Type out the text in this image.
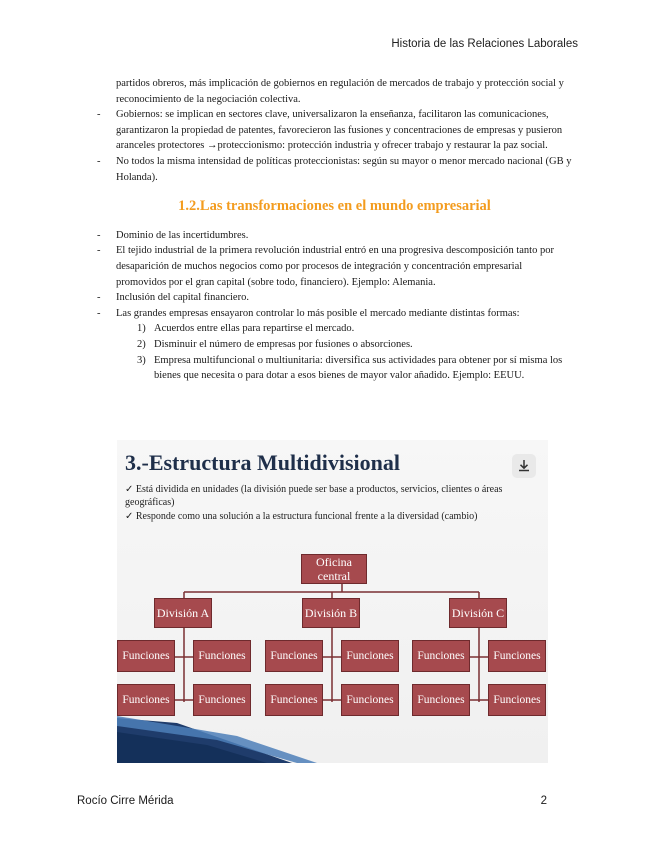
Historia de las Relaciones Laborales

partidos obreros, más implicación de gobiernos en regulación de mercados de trabajo y protección social y reconocimiento de la negociación colectiva.

- Gobiernos: se implican en sectores clave, universalizaron la enseñanza, facilitaron las comunicaciones, garantizaron la propiedad de patentes, favorecieron las fusiones y concentraciones de empresas y pusieron aranceles protectores →proteccionismo: protección industria y ofrecer trabajo y restaurar la paz social.
- No todos la misma intensidad de políticas proteccionistas: según su mayor o menor mercado nacional (GB y Holanda).
1.2.Las transformaciones en el mundo empresarial
- Dominio de las incertidumbres.
- El tejido industrial de la primera revolución industrial entró en una progresiva descomposición tanto por desaparición de muchos negocios como por procesos de integración y concentración empresarial promovidos por el gran capital (sobre todo, financiero). Ejemplo: Alemania.
- Inclusión del capital financiero.
- Las grandes empresas ensayaron controlar lo más posible el mercado mediante distintas formas:
1) Acuerdos entre ellas para repartirse el mercado.
2) Disminuir el número de empresas por fusiones o absorciones.
3) Empresa multifuncional o multiunitaria: diversifica sus actividades para obtener por sí misma los bienes que necesita o para dotar a esos bienes de mayor valor añadido. Ejemplo: EEUU.
3.-Estructura Multidivisional
✓ Está dividida en unidades (la división puede ser base a productos, servicios, clientes o áreas geográficas)
✓ Responde como una solución a la estructura funcional frente a la diversidad (cambio)
Oficina central
División A	División B	División C
Funciones	Funciones	Funciones	Funciones	Funciones	Funciones
Funciones	Funciones	Funciones	Funciones	Funciones	Funciones
Rocío Cirre Mérida	2
